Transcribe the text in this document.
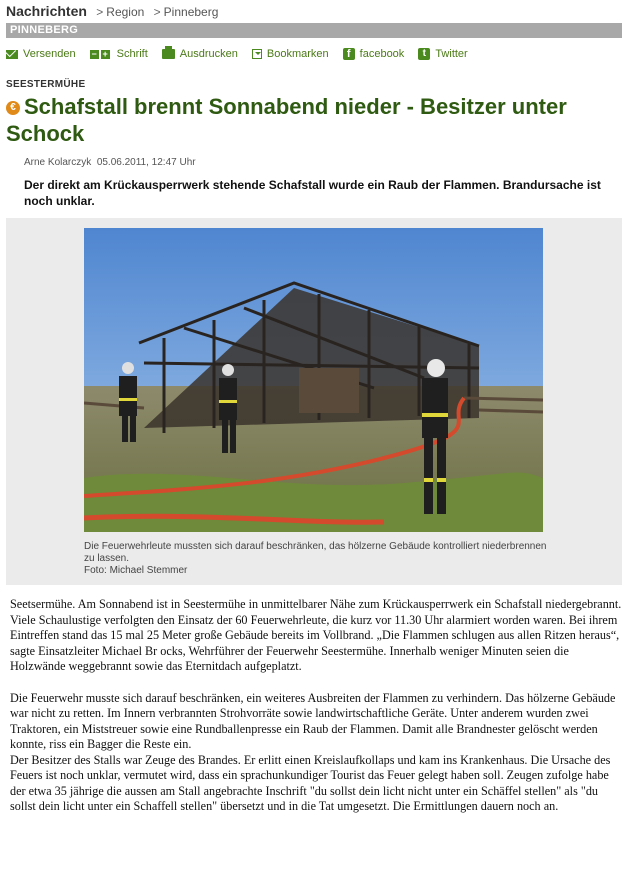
Nachrichten > Region > Pinneberg
PINNEBERG
Versenden − + Schrift	Ausdrucken	Bookmarken	f facebook	t Twitter
SEESTERMÜHE
€ Schafstall brennt Sonnabend nieder - Besitzer unter Schock
Arne Kolarczyk 05.06.2011, 12:47 Uhr

Der direkt am Krückausperrwerk stehende Schafstall wurde ein Raub der Flammen. Brandursache ist noch unklar.

Die Feuerwehrleute mussten sich darauf beschränken, das hölzerne Gebäude kontrolliert niederbrennen zu lassen.

Foto: Michael Stemmer

Seetsermühe. Am Sonnabend ist in Seestermühe in unmittelbarer Nähe zum Krückausperrwerk ein Schafstall niedergebrannt. Viele Schaulustige verfolgten den Einsatz der 60 Feuerwehrleute, die kurz vor 11.30 Uhr alarmiert worden waren. Bei ihrem Eintreffen stand das 15 mal 25 Meter große Gebäude bereits im Vollbrand. „Die Flammen schlugen aus allen Ritzen heraus“, sagte Einsatzleiter Michael Br ocks, Wehrführer der Feuerwehr Seestermühe. Innerhalb weniger Minuten seien die Holzwände weggebrannt sowie das Eternitdach aufgeplatzt.

Die Feuerwehr musste sich darauf beschränken, ein weiteres Ausbreiten der Flammen zu verhindern. Das hölzerne Gebäude war nicht zu retten. Im Innern verbrannten Strohvorräte sowie landwirtschaftliche Geräte. Unter anderem wurden zwei Traktoren, ein Miststreuer sowie eine Rundballenpresse ein Raub der Flammen. Damit alle Brandnester gelöscht werden konnte, riss ein Bagger die Reste ein.

Der Besitzer des Stalls war Zeuge des Brandes. Er erlitt einen Kreislaufkollaps und kam ins Krankenhaus. Die Ursache des Feuers ist noch unklar, vermutet wird, dass ein sprachunkundiger Tourist das Feuer gelegt haben soll. Zeugen zufolge habe der etwa 35 jährige die aussen am Stall angebrachte Inschrift "du sollst dein licht nicht unter ein Schäffel stellen" als "du sollst dein licht unter ein Schaffell stellen" übersetzt und in die Tat umgesetzt. Die Ermittlungen dauern noch an.
